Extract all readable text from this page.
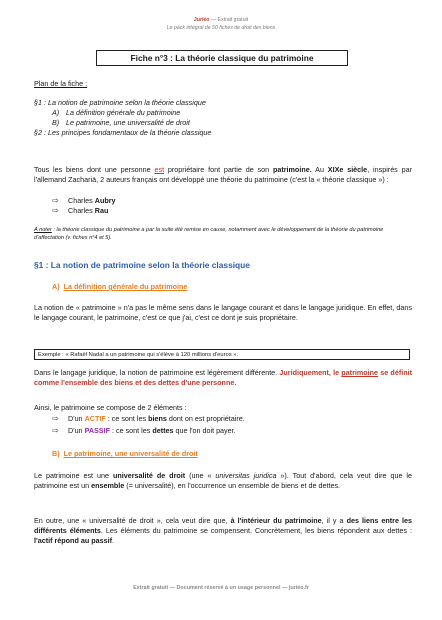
Juriéo — Extrait gratuit
Le pack intégral de 50 fiches de droit des biens
Fiche n°3 : La théorie classique du patrimoine
Plan de la fiche :
§1 : La notion de patrimoine selon la théorie classique
A) La définition générale du patrimoine
B) Le patrimoine, une universalité de droit
§2 : Les principes fondamentaux de la théorie classique
Tous les biens dont une personne est propriétaire font partie de son patrimoine. Au XIXe siècle, inspirés par l'allemand Zachariä, 2 auteurs français ont développé une théorie du patrimoine (c'est la « théorie classique ») :
⇨ Charles Aubry
⇨ Charles Rau
A noter : la théorie classique du patrimoine a par la suite été remise en cause, notamment avec le développement de la théorie du patrimoine d'affectation (v. fiches n°4 et 5).
§1 : La notion de patrimoine selon la théorie classique
A) La définition générale du patrimoine
La notion de « patrimoine » n'a pas le même sens dans le langage courant et dans le langage juridique. En effet, dans le langage courant, le patrimoine, c'est ce que j'ai, c'est ce dont je suis propriétaire.
Exemple : « Rafaël Nadal a un patrimoine qui s'élève à 120 millions d'euros ».
Dans le langage juridique, la notion de patrimoine est légèrement différente. Juridiquement, le patrimoine se définit comme l'ensemble des biens et des dettes d'une personne.
Ainsi, le patrimoine se compose de 2 éléments :
⇨ D'un ACTIF : ce sont les biens dont on est propriétaire.
⇨ D'un PASSIF : ce sont les dettes que l'on doit payer.
B) Le patrimoine, une universalité de droit
Le patrimoine est une universalité de droit (une « universitas juridica »). Tout d'abord, cela veut dire que le patrimoine est un ensemble (= universalité), en l'occurrence un ensemble de biens et de dettes.
En outre, une « universalité de droit », cela veut dire que, à l'intérieur du patrimoine, il y a des liens entre les différents éléments. Les éléments du patrimoine se compensent. Concrètement, les biens répondent aux dettes : l'actif répond au passif.
Extrait gratuit — Document réservé à un usage personnel — juriéo.fr
